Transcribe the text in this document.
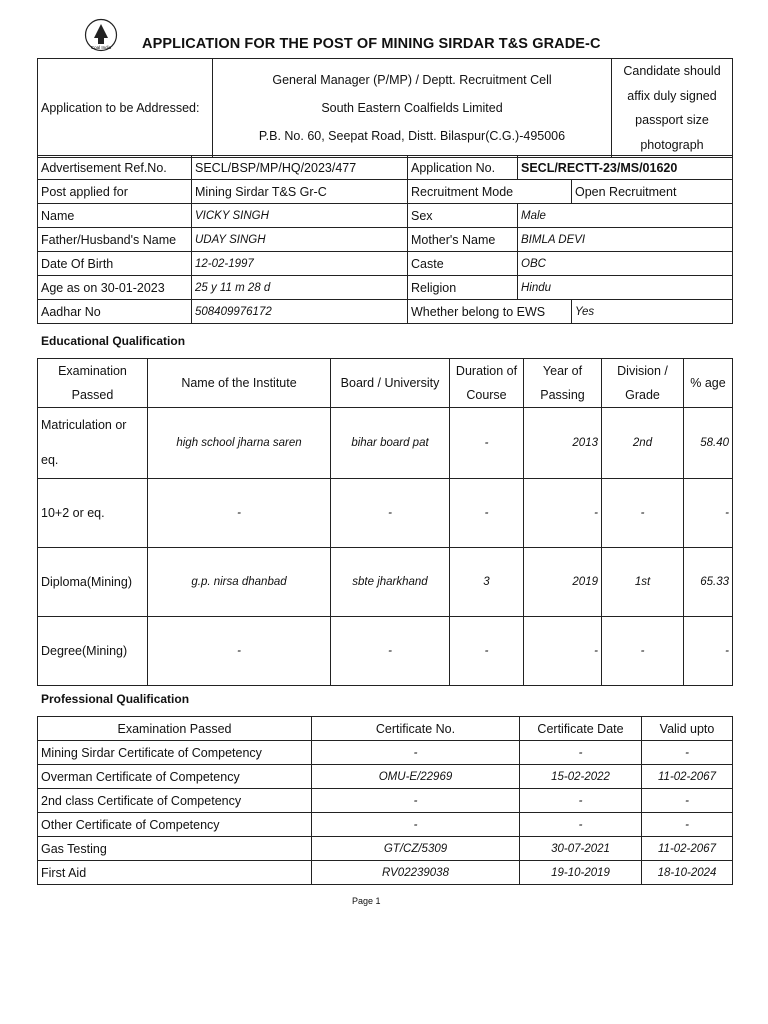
Coal India APPLICATION FOR THE POST OF MINING SIRDAR T&S GRADE-C
Application to be Addressed:	
General Manager (P/MP) / Deptt. Recruitment Cell
South Eastern Coalfields Limited
P.B. No. 60, Seepat Road, Distt. Bilaspur(C.G.)-495006
	Candidate should affix duly signed passport size photograph
Advertisement Ref.No.	SECL/BSP/MP/HQ/2023/477	Application No.	SECL/RECTT-23/MS/01620	
Post applied for	Mining Sirdar T&S Gr-C	Recruitment Mode		Open Recruitment
Name	VICKY SINGH	Sex	Male	
Father/Husband's Name	UDAY SINGH	Mother's Name	BIMLA DEVI	
Date Of Birth	12-02-1997	Caste	OBC	
Age as on 30-01-2023	25 y 11 m 28 d	Religion	Hindu	
Aadhar No	508409976172	Whether belong to EWS		Yes
Educational Qualification
Examination Passed	Name of the Institute	Board / University	Duration of Course	Year of Passing	Division / Grade	% age
Matriculation or eq.	high school jharna saren	bihar board pat	-	2013	2nd	58.40
10+2 or eq.	-	-	-	-	-	-
Diploma(Mining)	g.p. nirsa dhanbad	sbte jharkhand	3	2019	1st	65.33
Degree(Mining)	-	-	-	-	-	-
Professional Qualification
Examination Passed	Certificate No.	Certificate Date	Valid upto
Mining Sirdar Certificate of Competency	-	-	-
Overman Certificate of Competency	OMU-E/22969	15-02-2022	11-02-2067
2nd class Certificate of Competency	-	-	-
Other Certificate of Competency	-	-	-
Gas Testing	GT/CZ/5309	30-07-2021	11-02-2067
First Aid	RV02239038	19-10-2019	18-10-2024
Page 1
